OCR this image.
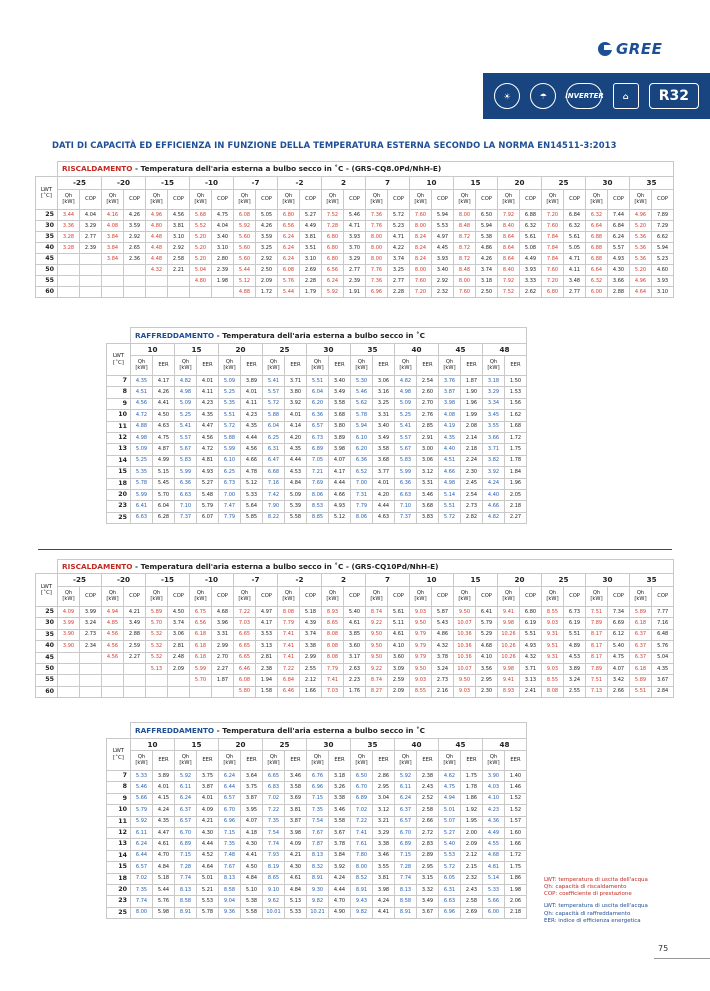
GREE
☀	☂	INVERTER	⌂	R32
DATI DI CAPACITÀ ED EFFICIENZA IN FUNZIONE DELLA TEMPERATURA ESTERNA SECONDO LA NORMA EN14511-3:2013
	RISCALDAMENTO - Temperatura dell'aria esterna a bulbo secco in ˚C - (GRS-CQ8.0Pd/NhH-E)																											
LWT [˚C]	-25		-20		-15		-10		-7		-2		2		7		10		15		20		25		30		35	
	Qh [kW]	COP	Qh [kW]	COP	Qh [kW]	COP	Qh [kW]	COP	Qh [kW]	COP	Qh [kW]	COP	Qh [kW]	COP	Qh [kW]	COP	Qh [kW]	COP	Qh [kW]	COP	Qh [kW]	COP	Qh [kW]	COP	Qh [kW]	COP	Qh [kW]	COP
25	3.44	4.04	4.16	4.26	4.96	4.56	5.68	4.75	6.08	5.05	6.80	5.27	7.52	5.46	7.36	5.72	7.60	5.94	8.00	6.50	7.92	6.88	7.20	6.84	6.32	7.44	4.96	7.89
30	3.36	3.29	4.08	3.59	4.80	3.81	5.52	4.04	5.92	4.26	6.56	4.49	7.28	4.71	7.76	5.23	8.00	5.53	8.48	5.94	8.40	6.32	7.60	6.32	6.64	6.84	5.20	7.29
35	3.28	2.77	3.84	2.92	4.48	3.10	5.20	3.40	5.60	3.59	6.24	3.81	6.80	3.93	8.00	4.71	8.24	4.97	8.72	5.38	8.64	5.61	7.84	5.61	6.88	6.24	5.36	6.62
40	3.28	2.39	3.84	2.65	4.48	2.92	5.20	3.10	5.60	3.25	6.24	3.51	6.80	3.70	8.00	4.22	8.24	4.45	8.72	4.86	8.64	5.08	7.84	5.05	6.88	5.57	5.36	5.94
45			3.84	2.36	4.48	2.58	5.20	2.80	5.60	2.92	6.24	3.10	6.80	3.29	8.00	3.74	8.24	3.93	8.72	4.26	8.64	4.49	7.84	4.71	6.88	4.93	5.36	5.23
50					4.32	2.21	5.04	2.39	5.44	2.50	6.08	2.69	6.56	2.77	7.76	3.25	8.00	3.40	8.48	3.74	8.40	3.93	7.60	4.11	6.64	4.30	5.20	4.60
55							4.80	1.98	5.12	2.09	5.76	2.28	6.24	2.39	7.36	2.77	7.60	2.92	8.00	3.18	7.92	3.33	7.20	3.48	6.32	3.66	4.96	3.93
60									4.88	1.72	5.44	1.79	5.92	1.91	6.96	2.28	7.20	2.32	7.60	2.50	7.52	2.62	6.80	2.77	6.00	2.88	4.64	3.10
	RAFFREDDAMENTO - Temperatura dell'aria esterna a bulbo secco in ˚C																	
LWT [˚C]	10		15		20		25		30		35		40		45		48	
	Qh [kW]	EER	Qh [kW]	EER	Qh [kW]	EER	Qh [kW]	EER	Qh [kW]	EER	Qh [kW]	EER	Qh [kW]	EER	Qh [kW]	EER	Qh [kW]	EER
7	4.35	4.17	4.82	4.01	5.09	3.89	5.41	3.71	5.51	3.40	5.30	3.06	4.82	2.54	3.76	1.87	3.18	1.50
8	4.51	4.26	4.98	4.11	5.25	4.01	5.57	3.80	6.04	3.49	5.46	3.16	4.98	2.60	3.87	1.90	3.29	1.53
9	4.56	4.41	5.09	4.23	5.35	4.11	5.72	3.92	6.20	3.58	5.62	3.25	5.09	2.70	3.98	1.96	3.34	1.56
10	4.72	4.50	5.25	4.35	5.51	4.23	5.88	4.01	6.36	3.68	5.78	3.31	5.25	2.76	4.08	1.99	3.45	1.62
11	4.88	4.63	5.41	4.47	5.72	4.35	6.04	4.14	6.57	3.80	5.94	3.40	5.41	2.85	4.19	2.08	3.55	1.68
12	4.98	4.75	5.57	4.56	5.88	4.44	6.25	4.20	6.73	3.89	6.10	3.49	5.57	2.91	4.35	2.14	3.66	1.72
13	5.09	4.87	5.67	4.72	5.99	4.56	6.31	4.35	6.89	3.98	6.20	3.58	5.67	3.00	4.40	2.18	3.71	1.75
14	5.25	4.99	5.83	4.81	6.10	4.66	6.47	4.44	7.05	4.07	6.36	3.68	5.83	3.06	4.51	2.24	3.82	1.78
15	5.35	5.15	5.99	4.93	6.25	4.78	6.68	4.53	7.21	4.17	6.52	3.77	5.99	3.12	4.66	2.30	3.92	1.84
18	5.78	5.45	6.36	5.27	6.73	5.12	7.16	4.84	7.69	4.44	7.00	4.01	6.36	3.31	4.98	2.45	4.24	1.96
20	5.99	5.70	6.63	5.48	7.00	5.33	7.42	5.09	8.06	4.66	7.31	4.20	6.63	3.46	5.14	2.54	4.40	2.05
23	6.41	6.04	7.10	5.79	7.47	5.64	7.90	5.39	8.53	4.93	7.79	4.44	7.10	3.68	5.51	2.73	4.66	2.18
25	6.63	6.28	7.37	6.07	7.79	5.85	8.22	5.58	8.85	5.12	8.06	4.63	7.37	3.83	5.72	2.82	4.82	2.27
	RISCALDAMENTO - Temperatura dell'aria esterna a bulbo secco in ˚C - (GRS-CQ10Pd/NhH-E)																											
LWT [˚C]	-25		-20		-15		-10		-7		-2		2		7		10		15		20		25		30		35	
	Qh [kW]	COP	Qh [kW]	COP	Qh [kW]	COP	Qh [kW]	COP	Qh [kW]	COP	Qh [kW]	COP	Qh [kW]	COP	Qh [kW]	COP	Qh [kW]	COP	Qh [kW]	COP	Qh [kW]	COP	Qh [kW]	COP	Qh [kW]	COP	Qh [kW]	COP
25	4.09	3.99	4.94	4.21	5.89	4.50	6.75	4.68	7.22	4.97	8.08	5.18	8.93	5.40	8.74	5.61	9.03	5.87	9.50	6.41	9.41	6.80	8.55	6.73	7.51	7.34	5.89	7.77
30	3.99	3.24	4.85	3.49	5.70	3.74	6.56	3.96	7.03	4.17	7.79	4.39	8.65	4.61	9.22	5.11	9.50	5.43	10.07	5.79	9.98	6.19	9.03	6.19	7.89	6.69	6.18	7.16
35	3.90	2.73	4.56	2.88	5.32	3.06	6.18	3.31	6.65	3.53	7.41	3.74	8.08	3.85	9.50	4.61	9.79	4.86	10.36	5.29	10.26	5.51	9.31	5.51	8.17	6.12	6.37	6.48
40	3.90	2.34	4.56	2.59	5.32	2.81	6.18	2.99	6.65	3.13	7.41	3.38	8.08	3.60	9.50	4.10	9.79	4.32	10.36	4.68	10.26	4.93	9.51	4.89	8.17	5.40	6.37	5.76
45			4.56	2.27	5.32	2.48	6.18	2.70	6.65	2.81	7.41	2.99	8.08	3.17	9.50	3.60	9.79	3.78	10.36	4.10	10.26	4.32	9.31	4.53	8.17	4.75	6.37	5.04
50					5.13	2.09	5.99	2.27	6.46	2.38	7.22	2.55	7.79	2.63	9.22	3.09	9.50	3.24	10.07	3.56	9.98	3.71	9.03	3.89	7.89	4.07	6.18	4.35
55							5.70	1.87	6.08	1.94	6.84	2.12	7.41	2.23	8.74	2.59	9.03	2.73	9.50	2.95	9.41	3.13	8.55	3.24	7.51	3.42	5.89	3.67
60									5.80	1.58	6.46	1.66	7.03	1.76	8.27	2.09	8.55	2.16	9.03	2.30	8.93	2.41	8.08	2.55	7.13	2.66	5.51	2.84
	RAFFREDDAMENTO - Temperatura dell'aria esterna a bulbo secco in ˚C																	
LWT [˚C]	10		15		20		25		30		35		40		45		48	
	Qh [kW]	EER	Qh [kW]	EER	Qh [kW]	EER	Qh [kW]	EER	Qh [kW]	EER	Qh [kW]	EER	Qh [kW]	EER	Qh [kW]	EER	Qh [kW]	EER
7	5.33	3.89	5.92	3.75	6.24	3.64	6.65	3.46	6.76	3.18	6.50	2.86	5.92	2.38	4.62	1.75	3.90	1.40
8	5.46	4.01	6.11	3.87	6.44	3.75	6.83	3.58	6.96	3.26	6.70	2.95	6.11	2.43	4.75	1.78	4.03	1.46
9	5.66	4.15	6.24	4.01	6.57	3.87	7.02	3.69	7.15	3.38	6.89	3.04	6.24	2.52	4.94	1.86	4.10	1.52
10	5.79	4.24	6.37	4.09	6.70	3.95	7.22	3.81	7.35	3.46	7.02	3.12	6.37	2.58	5.01	1.92	4.23	1.52
11	5.92	4.35	6.57	4.21	6.96	4.07	7.35	3.87	7.54	3.58	7.22	3.21	6.57	2.66	5.07	1.95	4.36	1.57
12	6.11	4.47	6.70	4.30	7.15	4.18	7.54	3.98	7.67	3.67	7.41	3.29	6.70	2.72	5.27	2.00	4.49	1.60
13	6.24	4.61	6.89	4.44	7.35	4.30	7.74	4.09	7.87	3.78	7.61	3.38	6.89	2.83	5.40	2.09	4.55	1.66
14	6.44	4.70	7.15	4.52	7.48	4.41	7.93	4.21	8.13	3.84	7.80	3.46	7.15	2.89	5.53	2.12	4.68	1.72
15	6.57	4.84	7.28	4.64	7.67	4.50	8.19	4.30	8.32	3.92	8.00	3.55	7.28	2.95	5.72	2.15	4.81	1.75
18	7.02	5.18	7.74	5.01	8.13	4.84	8.65	4.61	8.91	4.24	8.52	3.81	7.74	3.15	6.05	2.32	5.14	1.86
20	7.35	5.44	8.13	5.21	8.58	5.10	9.10	4.84	9.30	4.44	8.91	3.98	8.13	3.32	6.31	2.43	5.33	1.98
23	7.74	5.76	8.58	5.53	9.04	5.38	9.62	5.13	9.82	4.70	9.43	4.24	8.58	3.49	6.63	2.58	5.66	2.06
25	8.00	5.98	8.91	5.78	9.36	5.58	10.01	5.33	10.21	4.90	9.82	4.41	8.91	3.67	6.96	2.69	6.00	2.18
LWT: temperatura di uscita dell'acqua
Qh: capacità di riscaldamento
COP: coefficiente di prestazione
LWT: temperatura di uscita dell'acqua
Qh: capacità di raffreddamento
EER: indice di efficienza energetica
75
